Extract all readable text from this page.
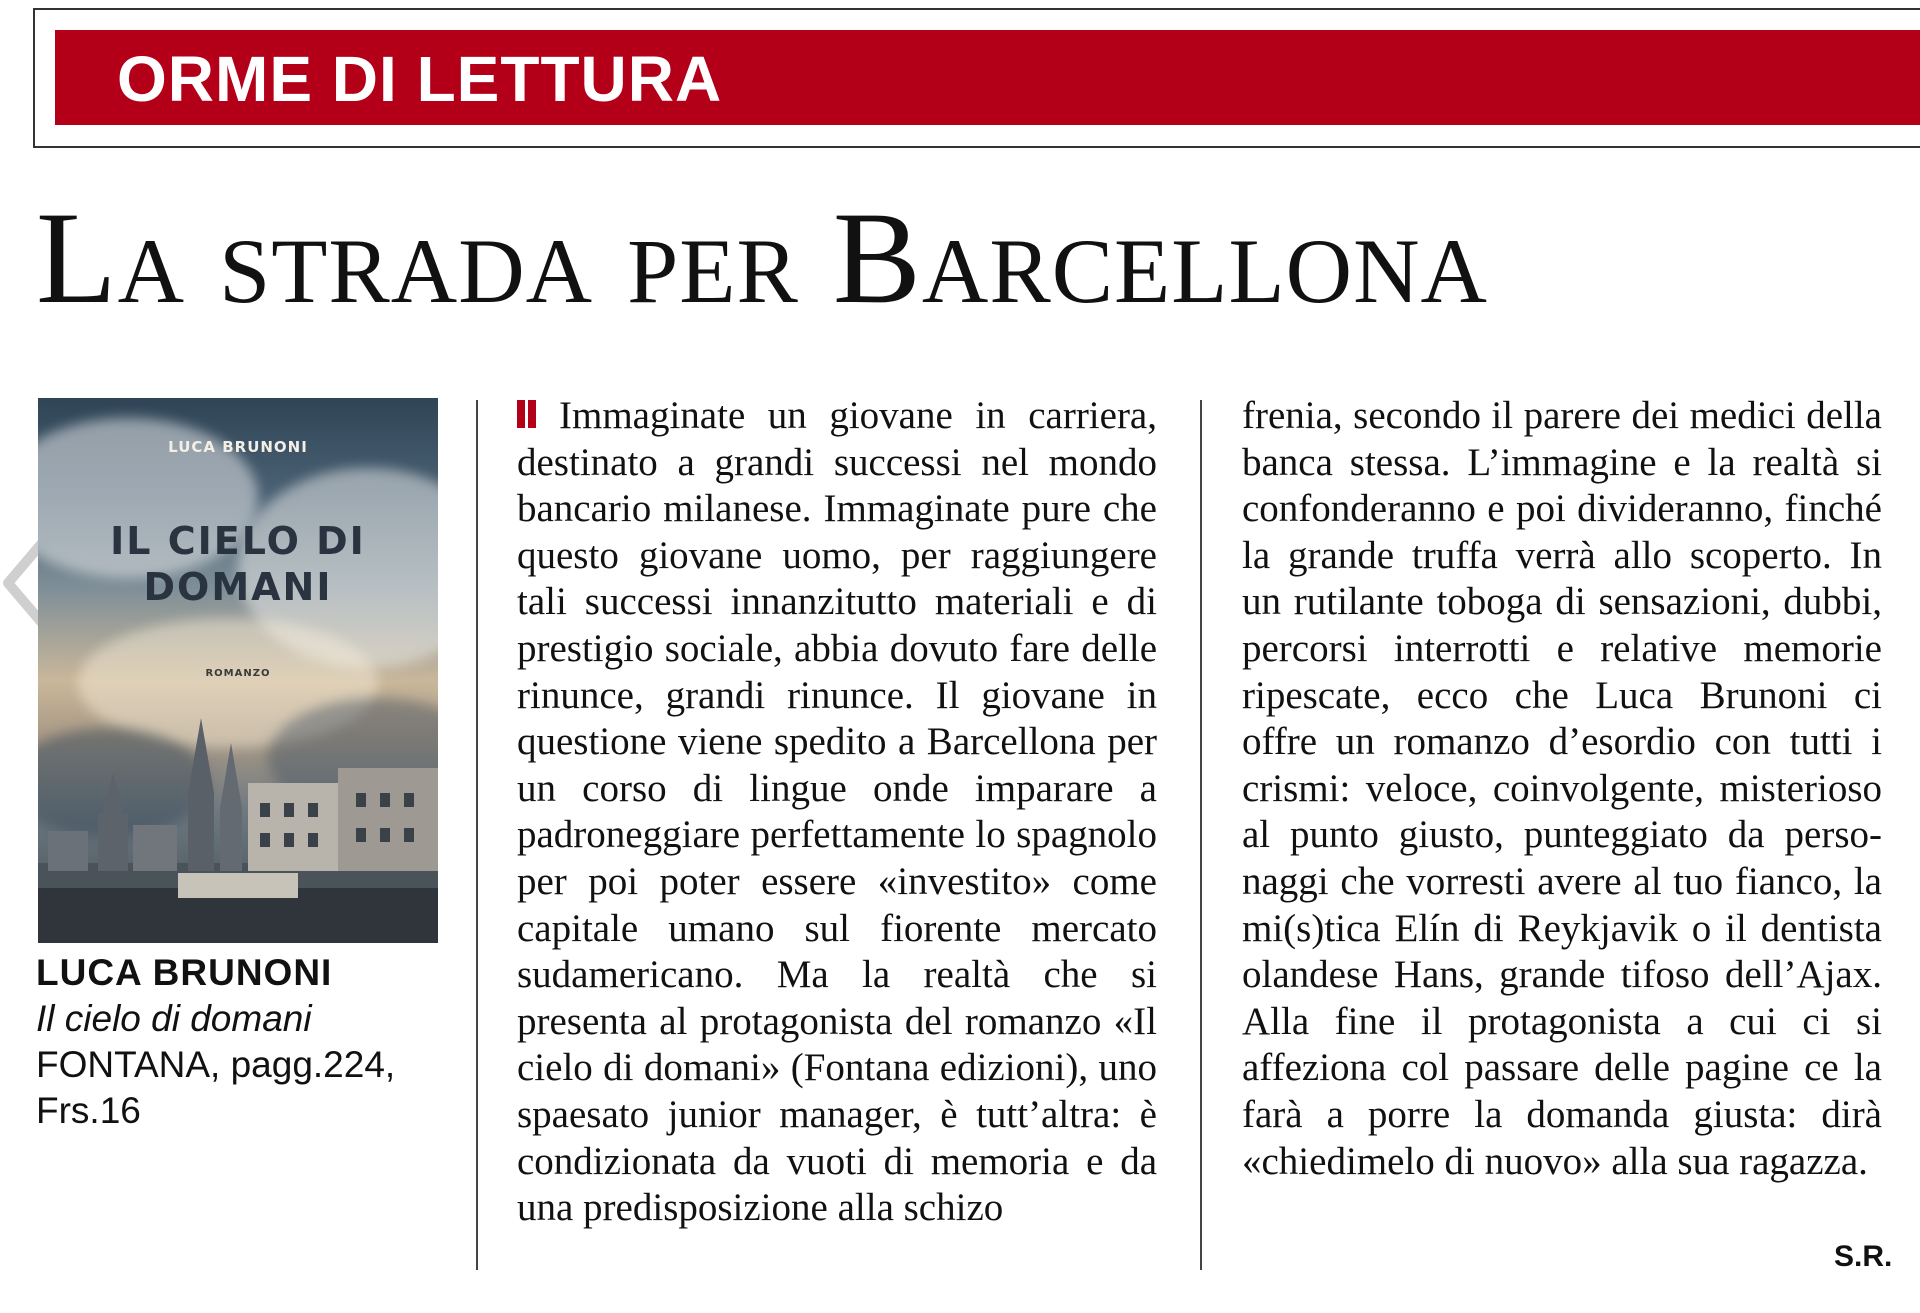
ORME DI LETTURA
La strada per Barcellona
LUCA BRUNONI
IL CIELO DI
DOMANI
ROMANZO
LUCA BRUNONI
Il cielo di domani
FONTANA, pagg.224,
Frs.16

Immaginate un giovane in carriera, destinato a grandi successi nel mondo bancario milanese. Immaginate pure che questo giovane uomo, per raggiungere tali successi innanzitutto materiali e di prestigio sociale, abbia dovuto fare delle rinunce, grandi rinunce. Il giovane in questione viene spedito a Barcellona per un corso di lingue onde imparare a padroneggiare perfettamente lo spagnolo per poi poter essere «investito» come capitale umano sul fiorente mercato sudamericano. Ma la realtà che si presenta al protagonista del romanzo «Il cielo di domani» (Fontana edizioni), uno spaesato junior manager, è tutt’altra: è condizionata da vuoti di memoria e da una predisposizione alla schizo

frenia, secondo il parere dei medici della banca stessa. L’immagine e la realtà si confonderanno e poi divideranno, finché la grande truffa verrà allo scoperto. In un rutilante toboga di sensazioni, dubbi, percorsi interrotti e relative memorie ripescate, ecco che Luca Brunoni ci offre un romanzo d’esordio con tutti i crismi: veloce, coinvolgente, misterioso al punto giusto, punteggiato da personaggi che vorresti avere al tuo fianco, la mi(s)tica Elín di Reykjavik o il dentista olandese Hans, grande tifoso dell’Ajax. Alla fine il protagonista a cui ci si affeziona col passare delle pagine ce la farà a porre la domanda giusta: dirà «chiedimelo di nuovo» alla sua ragazza.

S.R.
